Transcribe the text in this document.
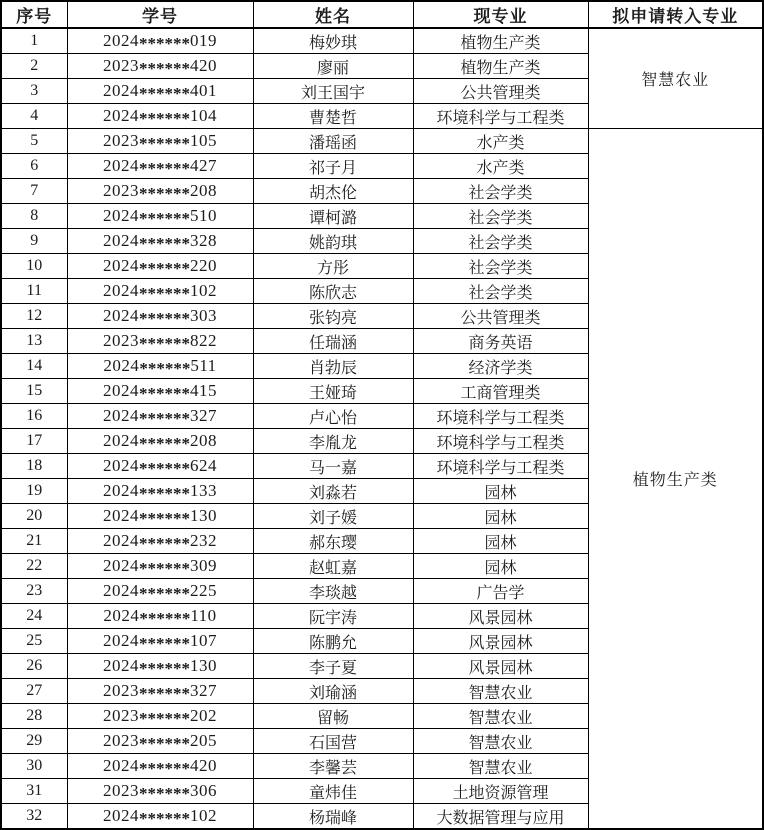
序号	学号	姓名	现专业	拟申请转入专业
1	2024******019	梅妙琪	植物生产类	智慧农业
2	2023******420	廖丽	植物生产类	
3	2024******401	刘王国宇	公共管理类	
4	2024******104	曹楚哲	环境科学与工程类	
5	2023******105	潘瑶函	水产类	植物生产类
6	2024******427	祁子月	水产类	
7	2023******208	胡杰伦	社会学类	
8	2024******510	谭柯潞	社会学类	
9	2024******328	姚韵琪	社会学类	
10	2024******220	方彤	社会学类	
11	2024******102	陈欣志	社会学类	
12	2024******303	张钧亮	公共管理类	
13	2023******822	任瑞涵	商务英语	
14	2024******511	肖勃辰	经济学类	
15	2024******415	王娅琦	工商管理类	
16	2024******327	卢心怡	环境科学与工程类	
17	2024******208	李胤龙	环境科学与工程类	
18	2024******624	马一嘉	环境科学与工程类	
19	2024******133	刘淼若	园林	
20	2024******130	刘子媛	园林	
21	2024******232	郝东璎	园林	
22	2024******309	赵虹嘉	园林	
23	2024******225	李琰越	广告学	
24	2024******110	阮宇涛	风景园林	
25	2024******107	陈鹏允	风景园林	
26	2024******130	李子夏	风景园林	
27	2023******327	刘瑜涵	智慧农业	
28	2023******202	留畅	智慧农业	
29	2023******205	石国营	智慧农业	
30	2024******420	李馨芸	智慧农业	
31	2023******306	童炜佳	土地资源管理	
32	2024******102	杨瑞峰	大数据管理与应用	
